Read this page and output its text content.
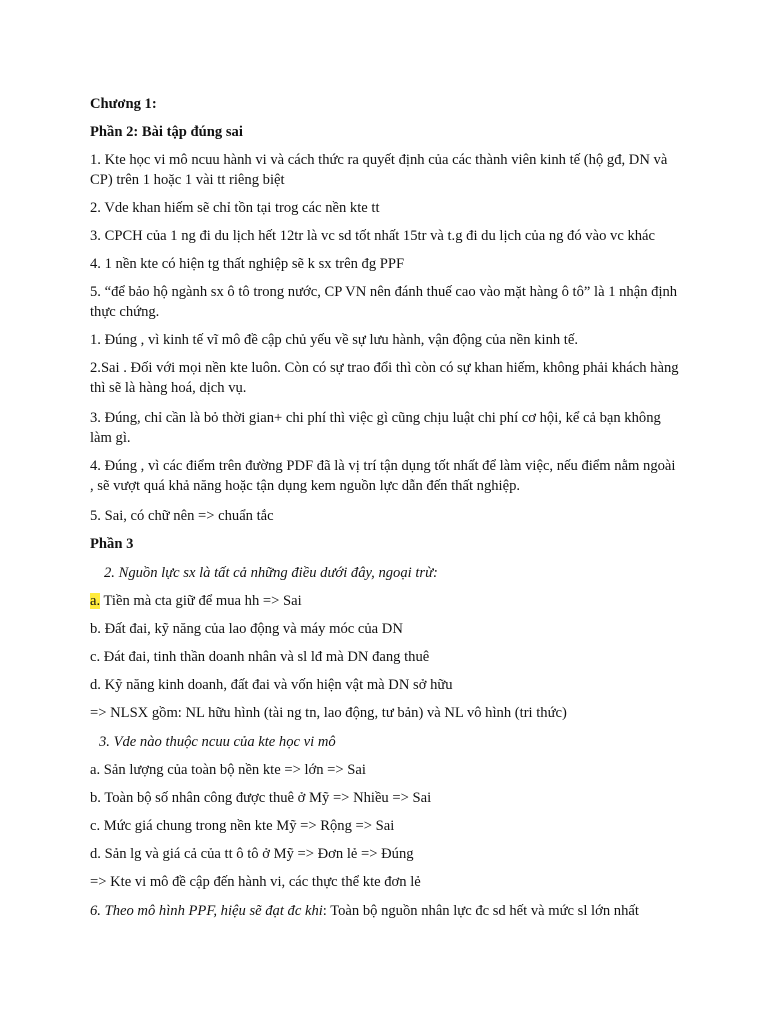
Chương 1:
Phần 2: Bài tập đúng sai
1. Kte học vi mô ncuu hành vi và cách thức ra quyết định của các thành viên kinh tế (hộ gđ, DN và CP) trên 1 hoặc 1 vài tt riêng biệt
2. Vde khan hiếm sẽ chỉ tồn tại trog các nền kte tt
3. CPCH của 1 ng đi du lịch hết 12tr là vc sd tốt nhất 15tr và t.g đi du lịch của ng đó vào vc khác
4. 1 nền kte có hiện tg thất nghiệp sẽ k sx trên đg PPF
5. “để bảo hộ ngành sx ô tô trong nước, CP VN nên đánh thuế cao vào mặt hàng ô tô” là 1 nhận định thực chứng.
1. Đúng , vì kinh tế vĩ mô đề cập chủ yếu về sự lưu hành, vận động của nền kinh tế.
2.Sai . Đối với mọi nền kte luôn. Còn có sự trao đổi thì còn có sự khan hiếm, không phải khách hàng thì sẽ là hàng hoá, dịch vụ.
3. Đúng, chỉ cần là bỏ thời gian+ chi phí thì việc gì cũng chịu luật chi phí cơ hội, kể cả bạn không làm gì.
4. Đúng , vì các điểm trên đường PDF đã là vị trí tận dụng tốt nhất để làm việc, nếu điểm nằm ngoài , sẽ vượt quá khả năng hoặc tận dụng kem nguồn lực dẫn đến thất nghiệp.
5. Sai, có chữ nên => chuẩn tắc
Phần 3
2. Nguồn lực sx là tất cả những điều dưới đây, ngoại trừ:
a. Tiền mà cta giữ để mua hh => Sai
b. Đất đai, kỹ năng của lao động và máy móc của DN
c. Đát đai, tinh thần doanh nhân và sl lđ mà DN đang thuê
d. Kỹ năng kinh doanh, đất đai và vốn hiện vật mà DN sở hữu
=> NLSX gồm: NL hữu hình (tài ng tn, lao động, tư bản) và NL vô hình (tri thức)
3. Vde nào thuộc ncuu của kte học vi mô
a. Sản lượng của toàn bộ nền kte => lớn => Sai
b. Toàn bộ số nhân công được thuê ở Mỹ => Nhiều => Sai
c. Mức giá chung trong nền kte Mỹ => Rộng => Sai
d. Sản lg và giá cả của tt ô tô ở Mỹ => Đơn lẻ => Đúng
=> Kte vi mô đề cập đến hành vi, các thực thể kte đơn lẻ
6. Theo mô hình PPF, hiệu sẽ đạt đc khi: Toàn bộ nguồn nhân lực đc sd hết và mức sl lớn nhất
